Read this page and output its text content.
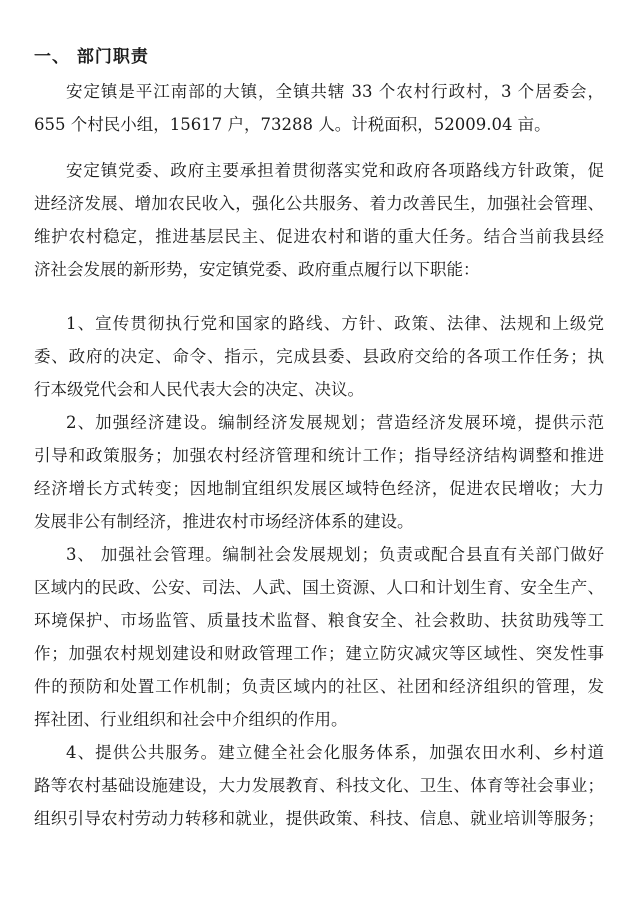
一、 部门职责
安定镇是平江南部的大镇，全镇共辖 33 个农村行政村，3 个居委会，
655 个村民小组，15617 户，73288 人。计税面积，52009.04 亩。
安定镇党委、政府主要承担着贯彻落实党和政府各项路线方针政策，促
进经济发展、增加农民收入，强化公共服务、着力改善民生，加强社会管理、
维护农村稳定，推进基层民主、促进农村和谐的重大任务。结合当前我县经
济社会发展的新形势，安定镇党委、政府重点履行以下职能：
1、宣传贯彻执行党和国家的路线、方针、政策、法律、法规和上级党
委、政府的决定、命令、指示，完成县委、县政府交给的各项工作任务；执
行本级党代会和人民代表大会的决定、决议。
2、加强经济建设。编制经济发展规划；营造经济发展环境，提供示范
引导和政策服务；加强农村经济管理和统计工作；指导经济结构调整和推进
经济增长方式转变；因地制宜组织发展区域特色经济，促进农民增收；大力
发展非公有制经济，推进农村市场经济体系的建设。
3、 加强社会管理。编制社会发展规划；负责或配合县直有关部门做好
区域内的民政、公安、司法、人武、国土资源、人口和计划生育、安全生产、
环境保护、市场监管、质量技术监督、粮食安全、社会救助、扶贫助残等工
作；加强农村规划建设和财政管理工作；建立防灾减灾等区域性、突发性事
件的预防和处置工作机制；负责区域内的社区、社团和经济组织的管理，发
挥社团、行业组织和社会中介组织的作用。
4、提供公共服务。建立健全社会化服务体系，加强农田水利、乡村道
路等农村基础设施建设，大力发展教育、科技文化、卫生、体育等社会事业；
组织引导农村劳动力转移和就业，提供政策、科技、信息、就业培训等服务；
